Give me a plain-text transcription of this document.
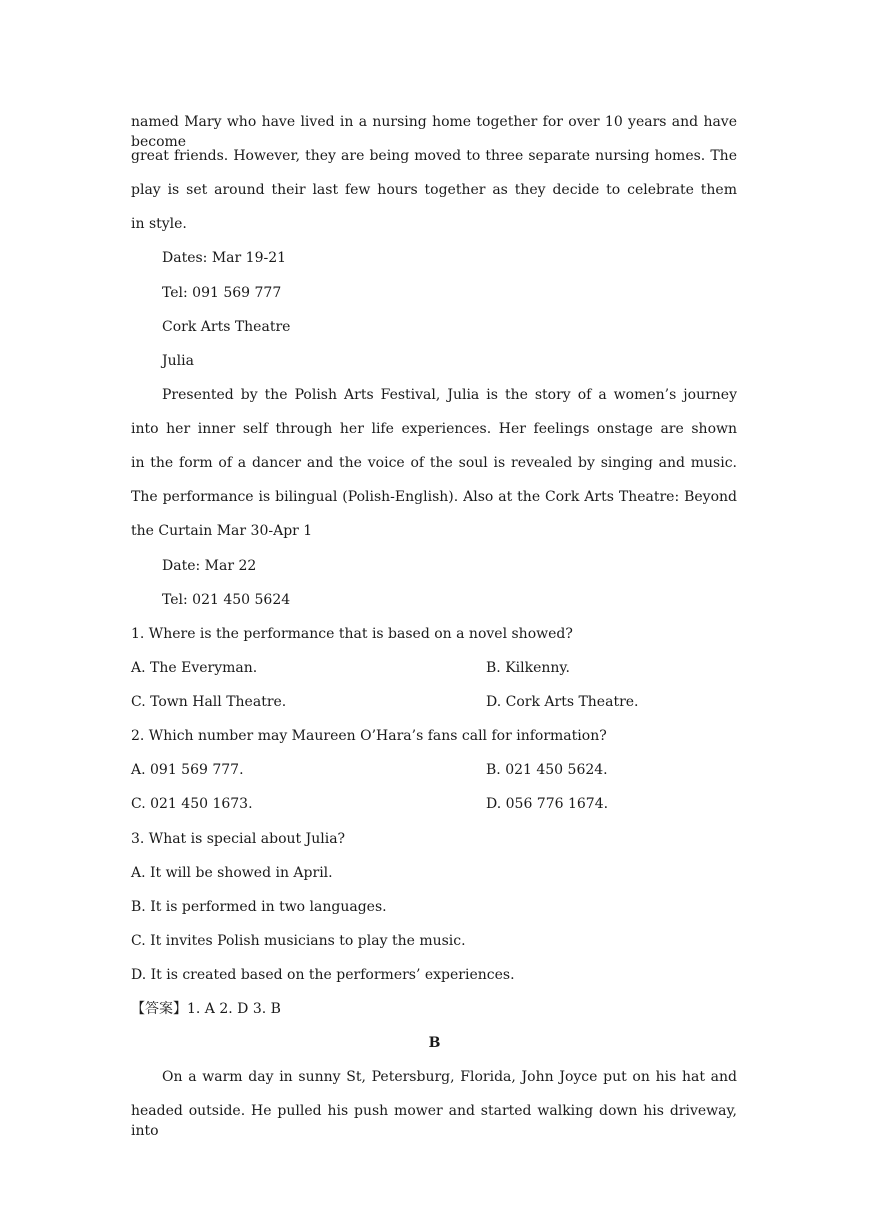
named Mary who have lived in a nursing home together for over 10 years and have become
great friends. However, they are being moved to three separate nursing homes. The
play is set around their last few hours together as they decide to celebrate them
in style.
Dates: Mar 19-21
Tel: 091 569 777
Cork Arts Theatre
Julia
Presented by the Polish Arts Festival, Julia is the story of a women’s journey
into her inner self through her life experiences. Her feelings onstage are shown
in the form of a dancer and the voice of the soul is revealed by singing and music.
The performance is bilingual (Polish-English). Also at the Cork Arts Theatre: Beyond
the Curtain Mar 30-Apr 1
Date: Mar 22
Tel: 021 450 5624
1. Where is the performance that is based on a novel showed?
A. The Everyman.	B. Kilkenny.
C. Town Hall Theatre.	D. Cork Arts Theatre.
2. Which number may Maureen O’Hara’s fans call for information?
A. 091 569 777.	B. 021 450 5624.
C. 021 450 1673.	D. 056 776 1674.
3. What is special about Julia?
A. It will be showed in April.
B. It is performed in two languages.
C. It invites Polish musicians to play the music.
D. It is created based on the performers’ experiences.
【答案】1. A 2. D 3. B
B
On a warm day in sunny St, Petersburg, Florida, John Joyce put on his hat and
headed outside. He pulled his push mower and started walking down his driveway, into
